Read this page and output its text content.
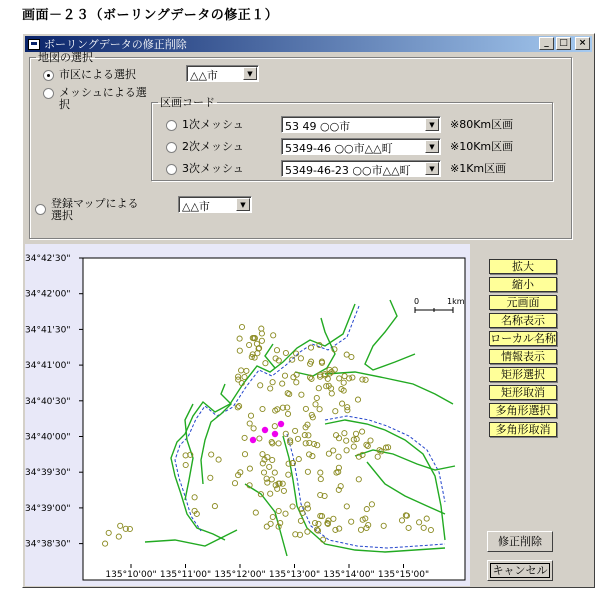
画面－２３（ボーリングデータの修正１）
ボーリングデータの修正削除	_	□	×
地図の選択
市区による選択	△△市	▼
メッシュによる選択	区画コード
1次メッシュ	53 49 ○○市	▼	※80Km区画
2次メッシュ	5349-46 ○○市△△町	▼	※10Km区画
3次メッシュ	5349-46-23 ○○市△△町	▼	※1Km区画
登録マップによる選択
△△市	▼
34°42'30"
34°42'00"
34°41'30"
34°41'00"
34°40'30"
34°40'00"
34°39'30"
34°39'00"
34°38'30"
135°10'00" 135°11'00" 135°12'00" 135°13'00" 135°14'00" 135°15'00"
0	1km
拡大
縮小
元画面
名称表示
ローカル名称
情報表示
矩形選択
矩形取消
多角形選択
多角形取消
修正削除
キャンセル
